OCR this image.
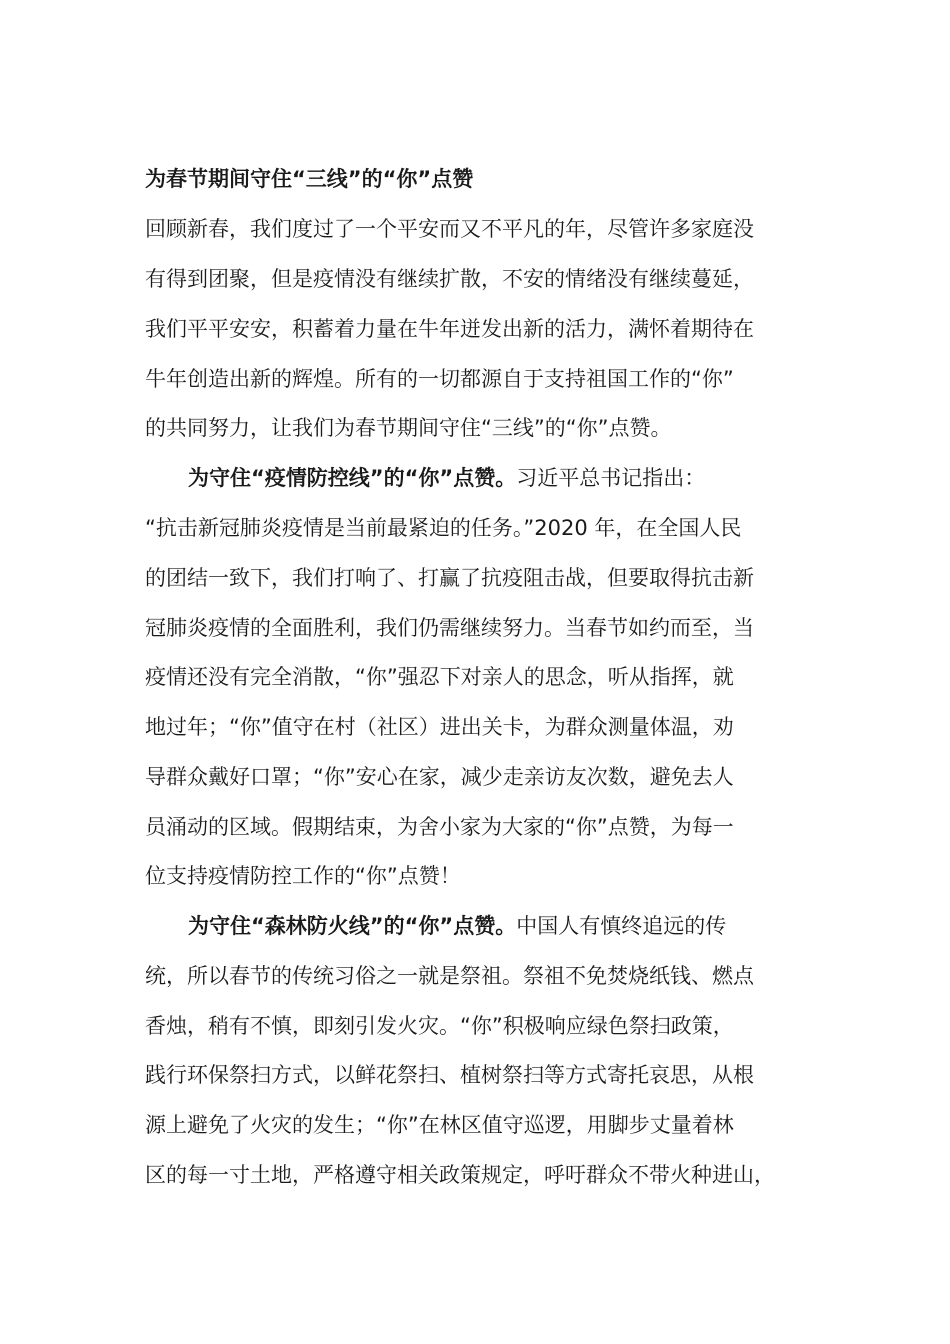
为春节期间守住“三线”的“你”点赞

回顾新春，我们度过了一个平安而又不平凡的年，尽管许多家庭没

有得到团聚，但是疫情没有继续扩散，不安的情绪没有继续蔓延，

我们平平安安，积蓄着力量在牛年迸发出新的活力，满怀着期待在

牛年创造出新的辉煌。所有的一切都源自于支持祖国工作的“你”

的共同努力，让我们为春节期间守住“三线”的“你”点赞。

为守住“疫情防控线”的“你”点赞。习近平总书记指出：

“抗击新冠肺炎疫情是当前最紧迫的任务。”2020 年，在全国人民

的团结一致下，我们打响了、打赢了抗疫阻击战，但要取得抗击新

冠肺炎疫情的全面胜利，我们仍需继续努力。当春节如约而至，当

疫情还没有完全消散，“你”强忍下对亲人的思念，听从指挥，就

地过年；“你”值守在村（社区）进出关卡，为群众测量体温，劝

导群众戴好口罩；“你”安心在家，减少走亲访友次数，避免去人

员涌动的区域。假期结束，为舍小家为大家的“你”点赞，为每一

位支持疫情防控工作的“你”点赞！

为守住“森林防火线”的“你”点赞。中国人有慎终追远的传

统，所以春节的传统习俗之一就是祭祖。祭祖不免焚烧纸钱、燃点

香烛，稍有不慎，即刻引发火灾。“你”积极响应绿色祭扫政策，

践行环保祭扫方式，以鲜花祭扫、植树祭扫等方式寄托哀思，从根

源上避免了火灾的发生；“你”在林区值守巡逻，用脚步丈量着林

区的每一寸土地，严格遵守相关政策规定，呼吁群众不带火种进山，
